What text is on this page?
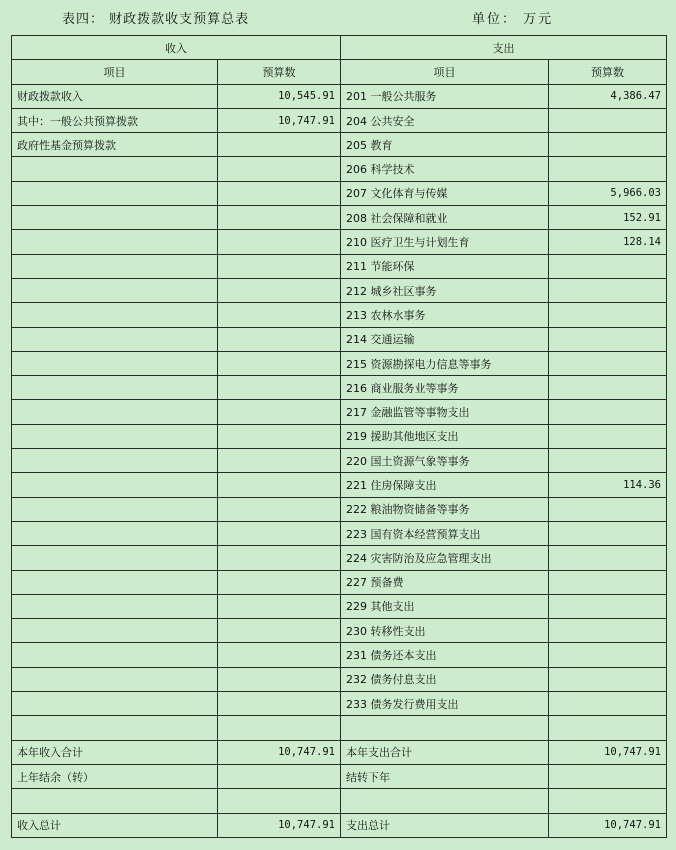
表四： 财政拨款收支预算总表	单位： 万元
收入		支出	
项目	预算数	项目	预算数
财政拨款收入	10,545.91	201 一般公共服务	4,386.47
其中：一般公共预算拨款	10,747.91	204 公共安全	
政府性基金预算拨款		205 教育	
		206 科学技术	
		207 文化体育与传媒	5,966.03
		208 社会保障和就业	152.91
		210 医疗卫生与计划生育	128.14
		211 节能环保	
		212 城乡社区事务	
		213 农林水事务	
		214 交通运输	
		215 资源勘探电力信息等事务	
		216 商业服务业等事务	
		217 金融监管等事物支出	
		219 援助其他地区支出	
		220 国土资源气象等事务	
		221 住房保障支出	114.36
		222 粮油物资储备等事务	
		223 国有资本经营预算支出	
		224 灾害防治及应急管理支出	
		227 预备费	
		229 其他支出	
		230 转移性支出	
		231 债务还本支出	
		232 债务付息支出	
		233 债务发行费用支出	

本年收入合计	10,747.91	本年支出合计	10,747.91
上年结余（转）		结转下年	

收入总计	10,747.91	支出总计	10,747.91
